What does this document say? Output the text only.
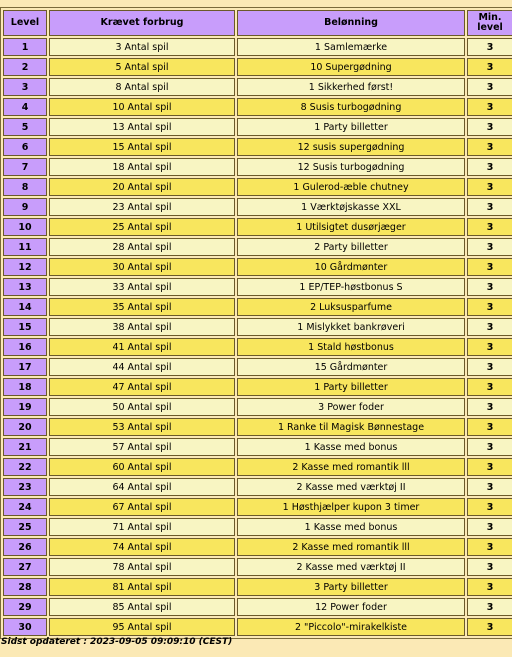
Level	Krævet forbrug	Belønning	Min. level
1	3 Antal spil	1 Samlemærke	3
2	5 Antal spil	10 Supergødning	3
3	8 Antal spil	1 Sikkerhed først!	3
4	10 Antal spil	8 Susis turbogødning	3
5	13 Antal spil	1 Party billetter	3
6	15 Antal spil	12 susis supergødning	3
7	18 Antal spil	12 Susis turbogødning	3
8	20 Antal spil	1 Gulerod-æble chutney	3
9	23 Antal spil	1 Værktøjskasse XXL	3
10	25 Antal spil	1 Utilsigtet dusørjæger	3
11	28 Antal spil	2 Party billetter	3
12	30 Antal spil	10 Gårdmønter	3
13	33 Antal spil	1 EP/TEP-høstbonus S	3
14	35 Antal spil	2 Luksusparfume	3
15	38 Antal spil	1 Mislykket bankrøveri	3
16	41 Antal spil	1 Stald høstbonus	3
17	44 Antal spil	15 Gårdmønter	3
18	47 Antal spil	1 Party billetter	3
19	50 Antal spil	3 Power foder	3
20	53 Antal spil	1 Ranke til Magisk Bønnestage	3
21	57 Antal spil	1 Kasse med bonus	3
22	60 Antal spil	2 Kasse med romantik lll	3
23	64 Antal spil	2 Kasse med værktøj II	3
24	67 Antal spil	1 Høsthjælper kupon 3 timer	3
25	71 Antal spil	1 Kasse med bonus	3
26	74 Antal spil	2 Kasse med romantik lll	3
27	78 Antal spil	2 Kasse med værktøj II	3
28	81 Antal spil	3 Party billetter	3
29	85 Antal spil	12 Power foder	3
30	95 Antal spil	2 "Piccolo"-mirakelkiste	3
Sidst opdateret : 2023-09-05 09:09:10 (CEST)
